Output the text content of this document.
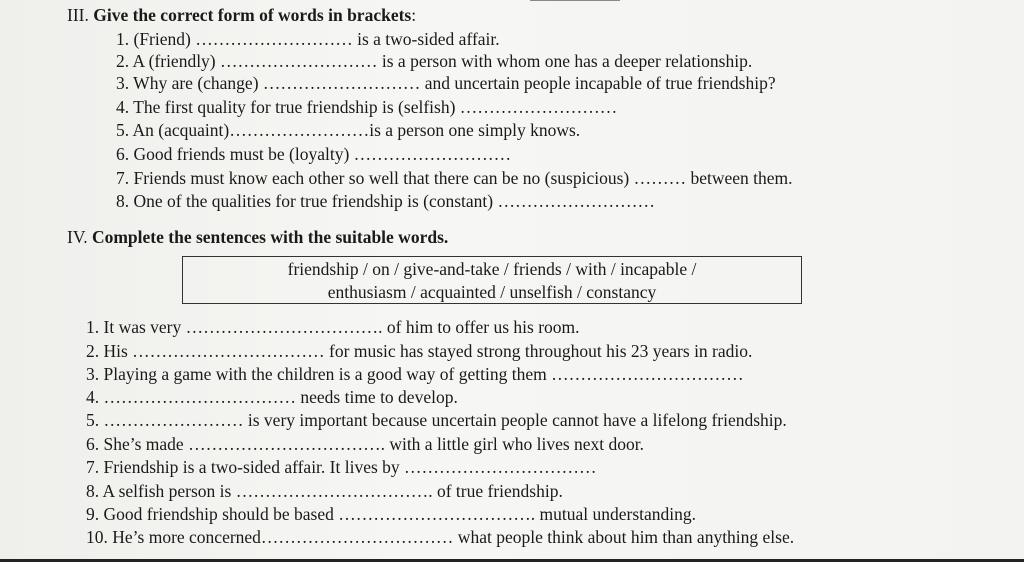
III. Give the correct form of words in brackets:
1. (Friend) ……………………… is a two-sided affair.
2. A (friendly) ……………………… is a person with whom one has a deeper relationship.
3. Why are (change) ……………………… and uncertain people incapable of true friendship?
4. The first quality for true friendship is (selfish) ………………………
5. An (acquaint)……………………is a person one simply knows.
6. Good friends must be (loyalty) ………………………
7. Friends must know each other so well that there can be no (suspicious) ……… between them.
8. One of the qualities for true friendship is (constant) ………………………
IV. Complete the sentences with the suitable words.
friendship / on / give-and-take / friends / with / incapable /
enthusiasm / acquainted / unselfish / constancy
1. It was very ……………………………. of him to offer us his room.
2. His …………………………… for music has stayed strong throughout his 23 years in radio.
3. Playing a game with the children is a good way of getting them ……………………………
4. …………………………… needs time to develop.
5. …………………… is very important because uncertain people cannot have a lifelong friendship.
6. She’s made ……………………………. with a little girl who lives next door.
7. Friendship is a two-sided affair. It lives by ……………………………
8. A selfish person is ……………………………. of true friendship.
9. Good friendship should be based ……………………………. mutual understanding.
10. He’s more concerned…………………………… what people think about him than anything else.
